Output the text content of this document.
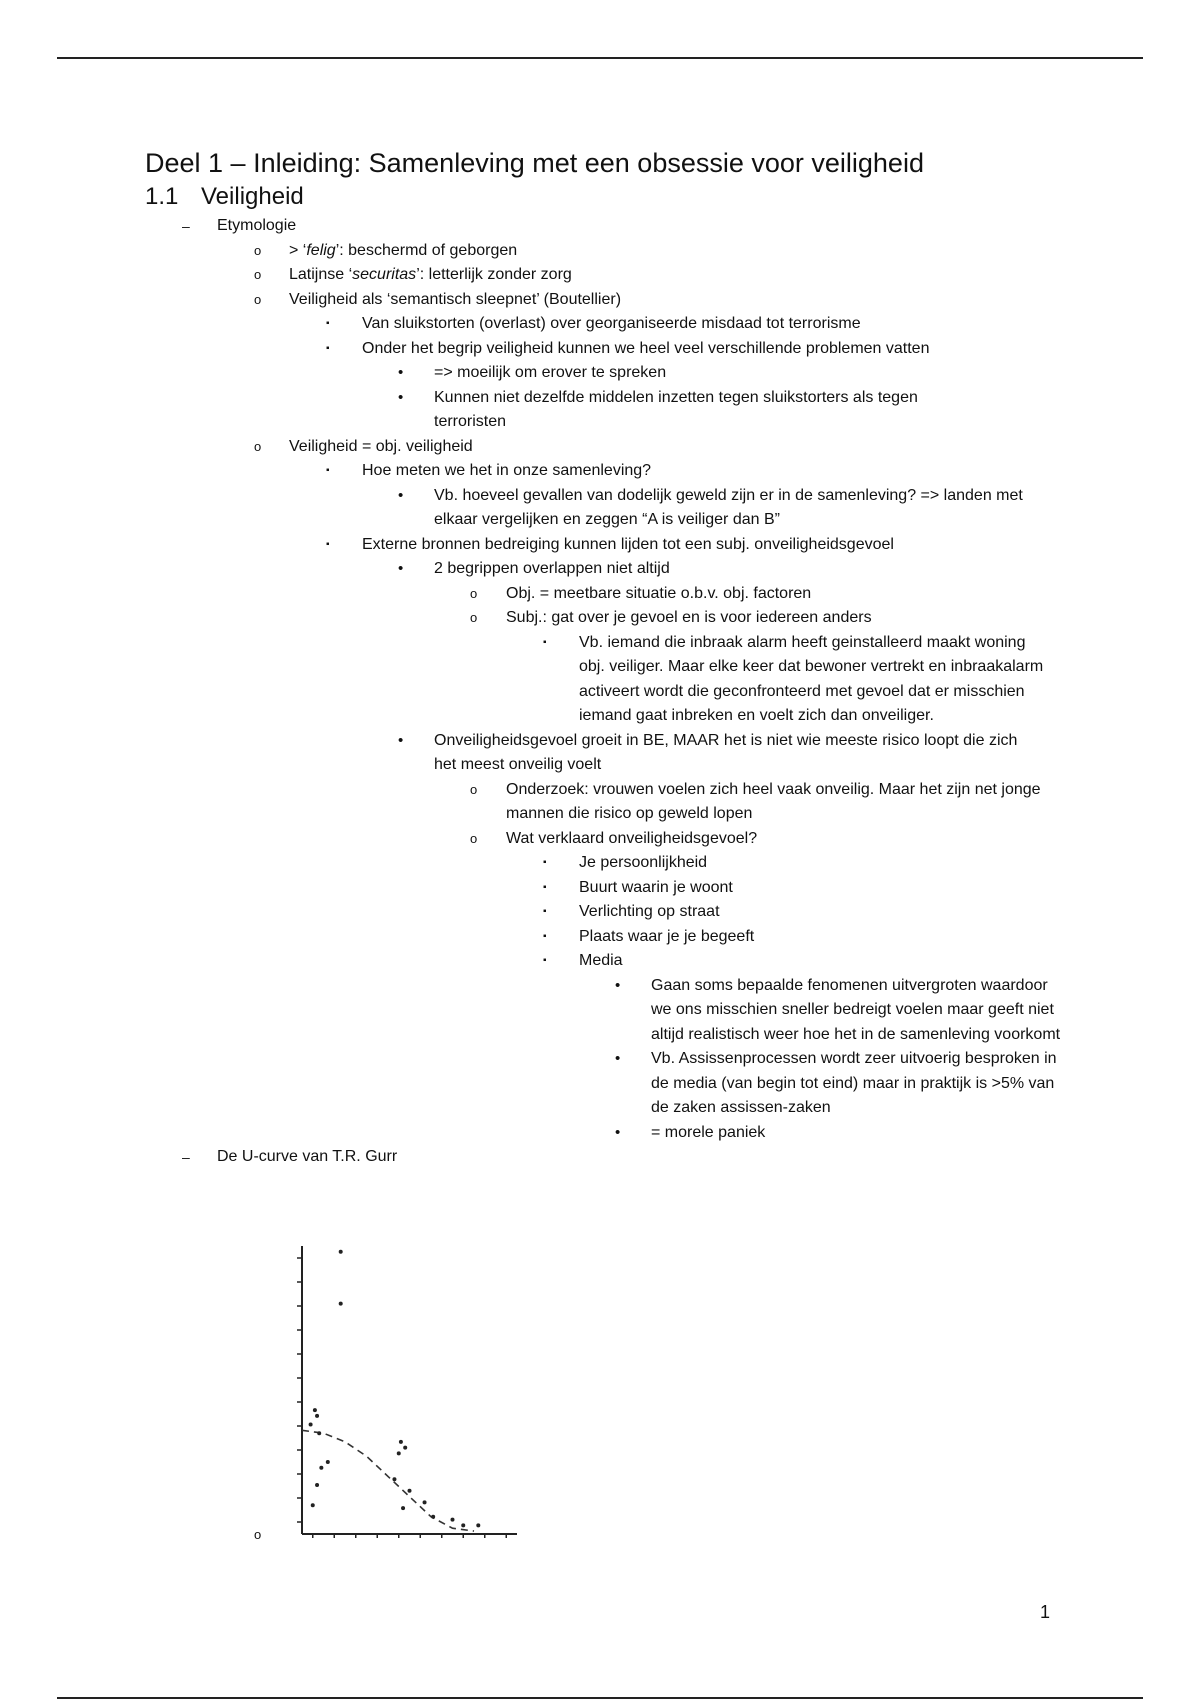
Deel 1 – Inleiding: Samenleving met een obsessie voor veiligheid
1.1 Veiligheid
– Etymologie
o > ‘felig’: beschermd of geborgen
o Latijnse ‘securitas’: letterlijk zonder zorg
o Veiligheid als ‘semantisch sleepnet’ (Boutellier)
▪ Van sluikstorten (overlast) over georganiseerde misdaad tot terrorisme
▪ Onder het begrip veiligheid kunnen we heel veel verschillende problemen vatten
• => moeilijk om erover te spreken
• Kunnen niet dezelfde middelen inzetten tegen sluikstorters als tegen terroristen
o Veiligheid = obj. veiligheid
▪ Hoe meten we het in onze samenleving?
• Vb. hoeveel gevallen van dodelijk geweld zijn er in de samenleving? => landen met elkaar vergelijken en zeggen “A is veiliger dan B”
▪ Externe bronnen bedreiging kunnen lijden tot een subj. onveiligheidsgevoel
• 2 begrippen overlappen niet altijd
o Obj. = meetbare situatie o.b.v. obj. factoren
o Subj.: gat over je gevoel en is voor iedereen anders
▪ Vb. iemand die inbraak alarm heeft geinstalleerd maakt woning obj. veiliger. Maar elke keer dat bewoner vertrekt en inbraakalarm activeert wordt die geconfronteerd met gevoel dat er misschien iemand gaat inbreken en voelt zich dan onveiliger.
• Onveiligheidsgevoel groeit in BE, MAAR het is niet wie meeste risico loopt die zich het meest onveilig voelt
o Onderzoek: vrouwen voelen zich heel vaak onveilig. Maar het zijn net jonge mannen die risico op geweld lopen
o Wat verklaard onveiligheidsgevoel?
▪ Je persoonlijkheid
▪ Buurt waarin je woont
▪ Verlichting op straat
▪ Plaats waar je je begeeft
▪ Media
• Gaan soms bepaalde fenomenen uitvergroten waardoor we ons misschien sneller bedreigt voelen maar geeft niet altijd realistisch weer hoe het in de samenleving voorkomt
• Vb. Assissenprocessen wordt zeer uitvoerig besproken in de media (van begin tot eind) maar in praktijk is >5% van de zaken assissen-zaken
• = morele paniek
– De U-curve van T.R. Gurr
o
1
